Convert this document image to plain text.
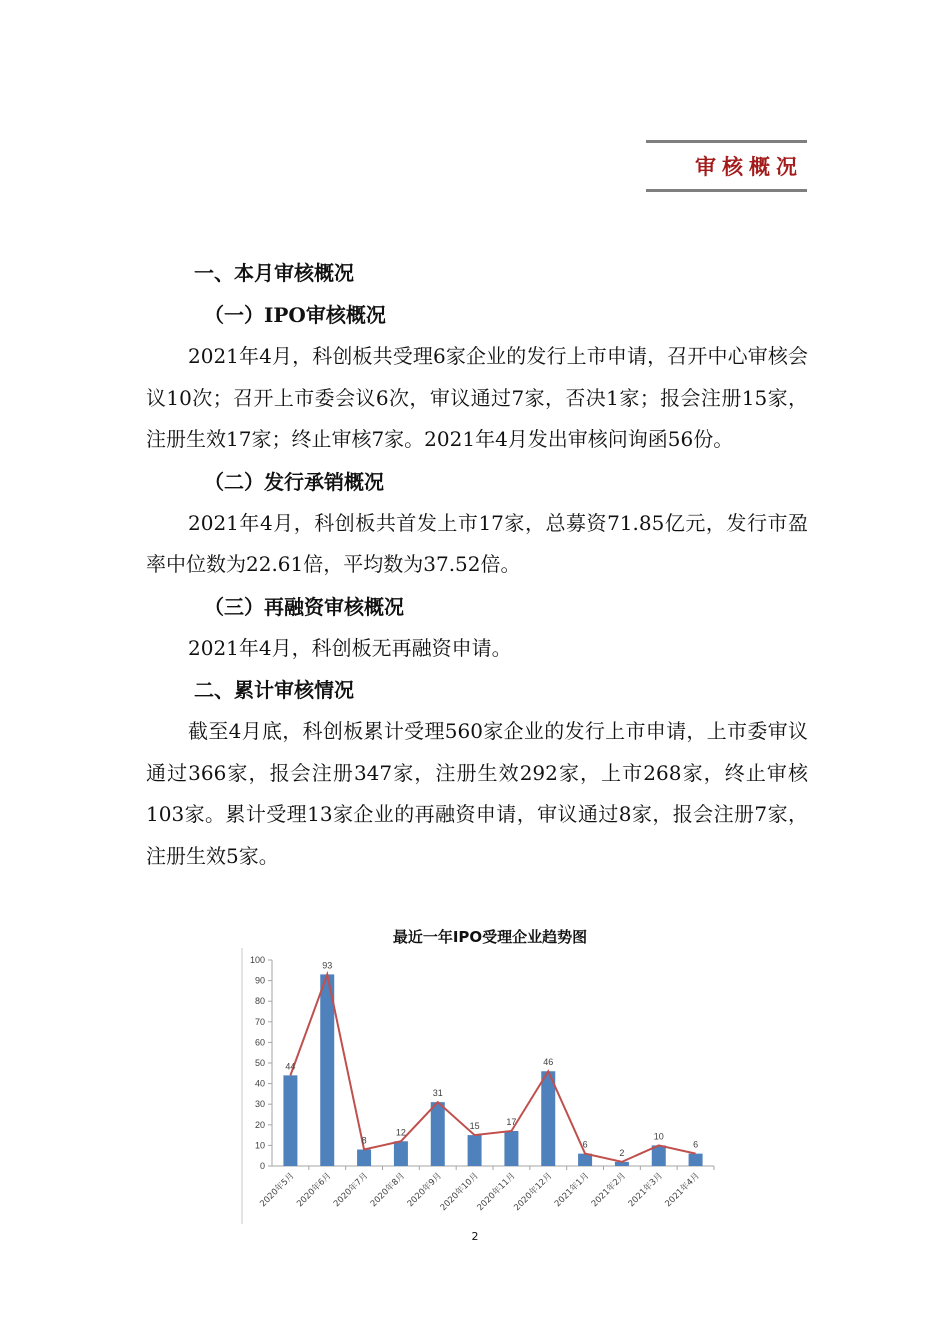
审核概况
一、本月审核概况
（一）IPO审核概况

2021年4月，科创板共受理6家企业的发行上市申请，召开中心审核会议10次；召开上市委会议6次，审议通过7家，否决1家；报会注册15家，注册生效17家；终止审核7家。2021年4月发出审核问询函56份。

（二）发行承销概况

2021年4月，科创板共首发上市17家，总募资71.85亿元，发行市盈率中位数为22.61倍，平均数为37.52倍。

（三）再融资审核概况

2021年4月，科创板无再融资申请。

二、累计审核情况

截至4月底，科创板累计受理560家企业的发行上市申请，上市委审议通过366家，报会注册347家，注册生效292家，上市268家，终止审核103家。累计受理13家企业的再融资申请，审议通过8家，报会注册7家，注册生效5家。

最近一年IPO受理企业趋势图
0
10
20
30
40
50
60
70
80
90
100
2020年5月
2020年6月
2020年7月
2020年8月
2020年9月
2020年10月
2020年11月
2020年12月
2021年1月
2021年2月
2021年3月
2021年4月
44
93
8
12
31
15	17
46
6
2
10
6
2
